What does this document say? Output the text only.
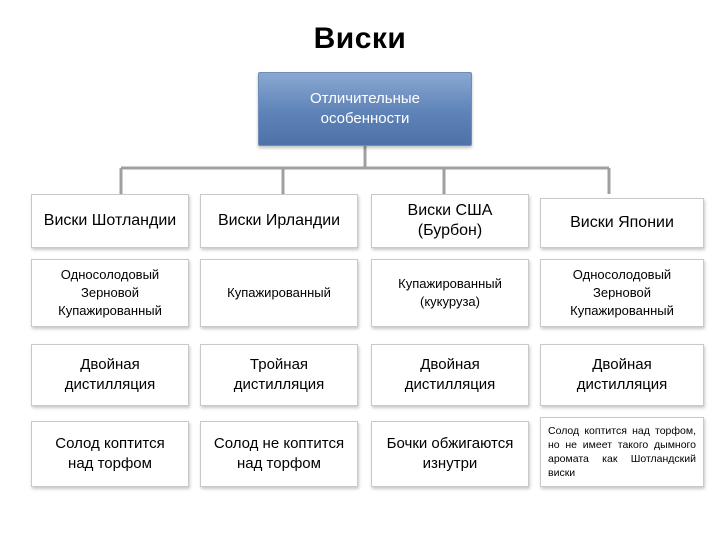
Виски
Отличительные
особенности
Виски Шотландии	Виски Ирландии
Виски США
(Бурбон)	Виски Японии
Односолодовый
Зерновой
Купажированный
Купажированный
Купажированный
(кукуруза)
Односолодовый
Зерновой
Купажированный
Двойная
дистилляция
Тройная
дистилляция
Двойная
дистилляция
Двойная
дистилляция
Солод коптится
над торфом
Солод не коптится
над торфом
Бочки обжигаются
изнутри
Солод коптится над торфом, но не имеет такого дымного аромата как Шотландский виски
